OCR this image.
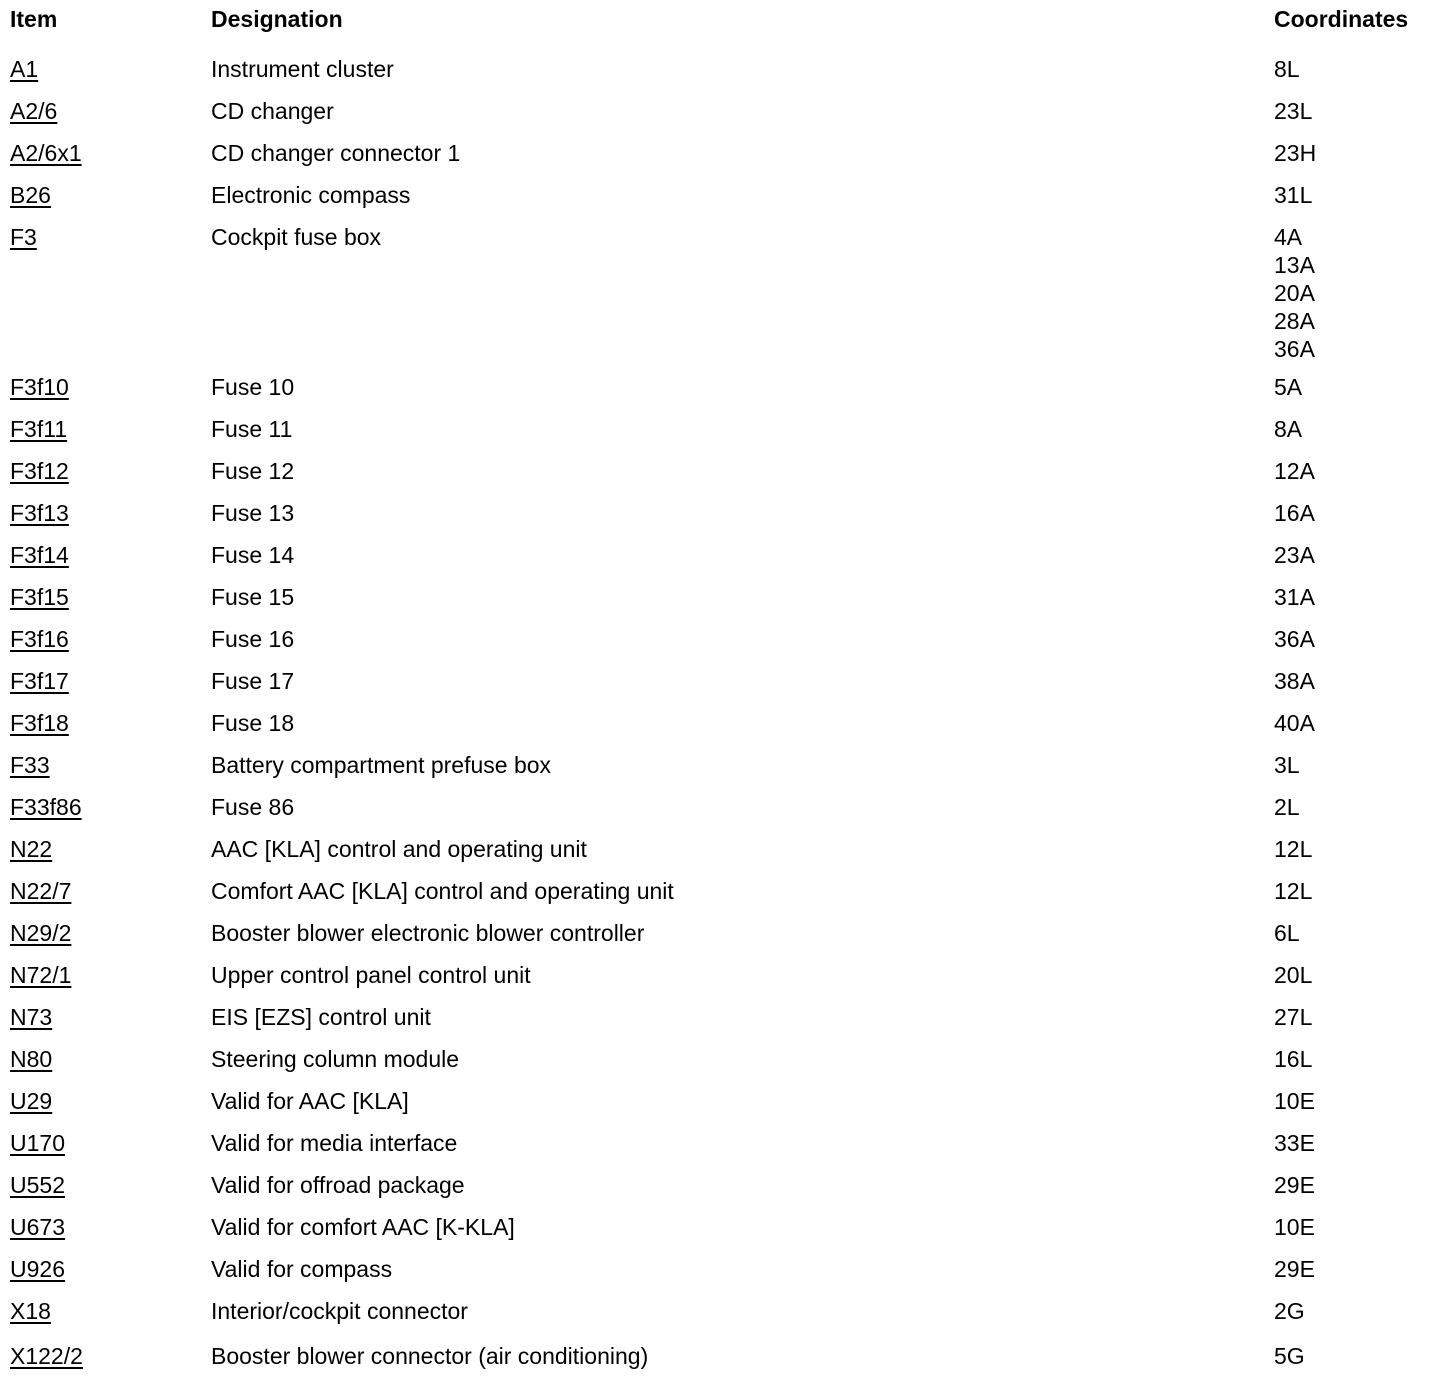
Item	Designation	Coordinates
A1	Instrument cluster	8L

A2/6	CD changer	23L

A2/6x1	CD changer connector 1	23H

B26	Electronic compass	31L

F3	Cockpit fuse box	4A
13A
20A
28A
36A

F3f10	Fuse 10	5A

F3f11	Fuse 11	8A

F3f12	Fuse 12	12A

F3f13	Fuse 13	16A

F3f14	Fuse 14	23A

F3f15	Fuse 15	31A

F3f16	Fuse 16	36A

F3f17	Fuse 17	38A

F3f18	Fuse 18	40A

F33	Battery compartment prefuse box	3L

F33f86	Fuse 86	2L

N22	AAC [KLA] control and operating unit	12L

N22/7	Comfort AAC [KLA] control and operating unit	12L

N29/2	Booster blower electronic blower controller	6L

N72/1	Upper control panel control unit	20L

N73	EIS [EZS] control unit	27L

N80	Steering column module	16L

U29	Valid for AAC [KLA]	10E

U170	Valid for media interface	33E

U552	Valid for offroad package	29E

U673	Valid for comfort AAC [K-KLA]	10E

U926	Valid for compass	29E

X18	Interior/cockpit connector	2G

X122/2	Booster blower connector (air conditioning)	5G
